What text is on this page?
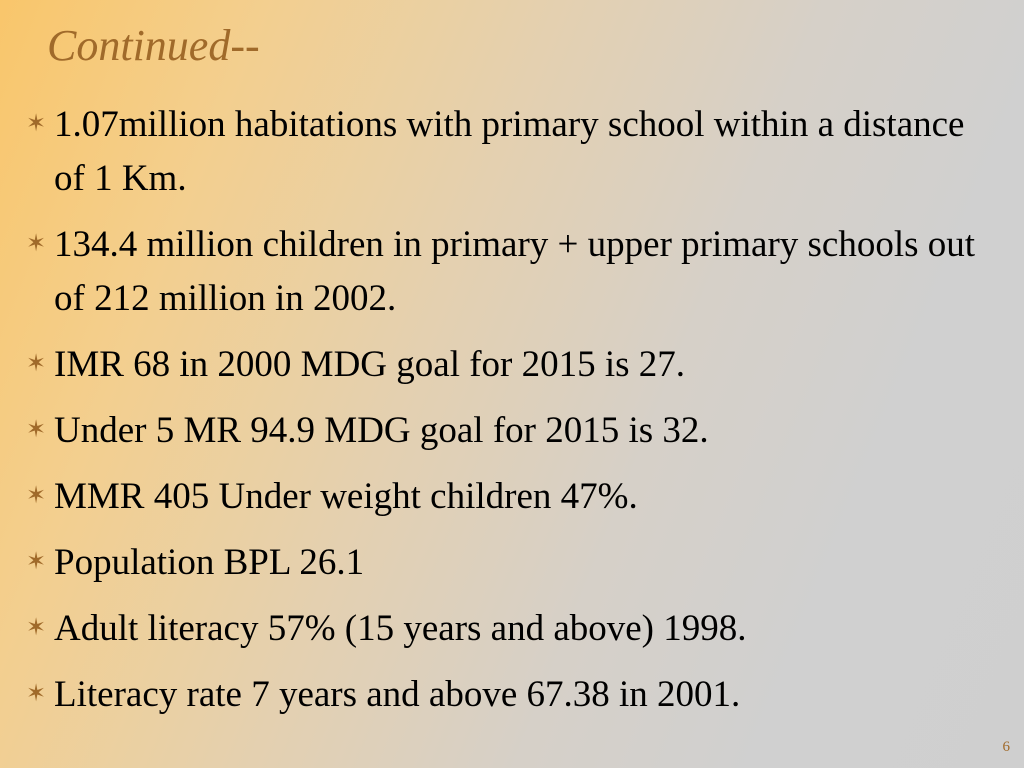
Continued--
✶ 1.07million habitations with primary school within a distance of 1 Km.
✶ 134.4 million children in primary + upper primary schools out of 212 million in 2002.
✶ IMR 68 in 2000 MDG goal for 2015 is 27.
✶ Under 5 MR 94.9 MDG goal for 2015 is 32.
✶ MMR 405 Under weight children 47%.
✶ Population BPL 26.1
✶ Adult literacy 57% (15 years and above) 1998.
✶ Literacy rate 7 years and above 67.38 in 2001.
6
